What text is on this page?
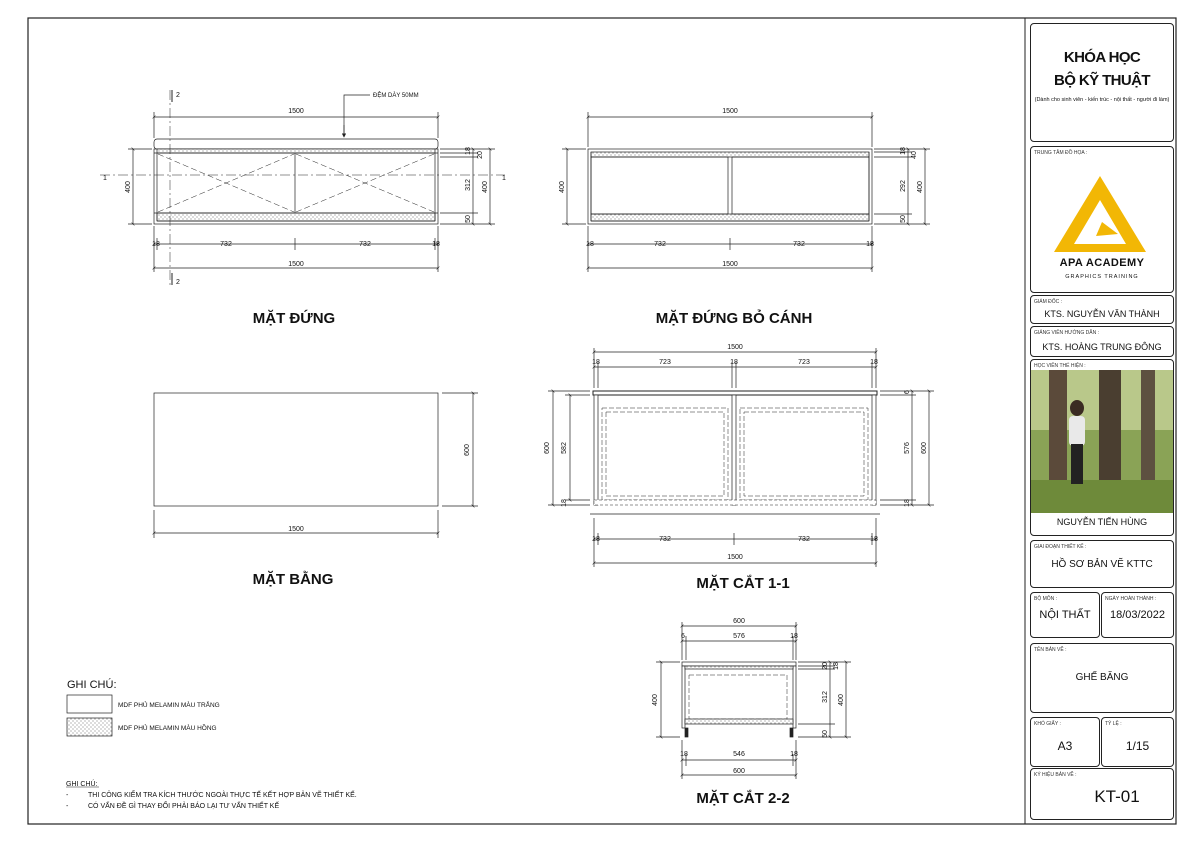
MẶT ĐỨNG	MẶT ĐỨNG BỎ CÁNH
MẶT BẰNG	MẶT CẮT 1-1
MẶT CẮT 2-2
ĐỆM DÀY 50MM
1	1
2
2
1500
18	732	732	18
1500
400
18
20
312
50
400
1500
18	732	732	18
1500
400
18
40
292
50
400
1500
600
1500
18	723	18	723	18
18	732	732	18
1500
600 582
18
6
576
18
600
600
6	576	18
18	546	18
600
400
20 18
312
50
400
GHI CHÚ:
MDF PHỦ MELAMIN MÀU TRẮNG
MDF PHỦ MELAMIN MÀU HỒNG
GHI CHÚ:
-	THI CÔNG KIỂM TRA KÍCH THƯỚC NGOÀI THỰC TẾ KẾT HỢP BẢN VẼ THIẾT KẾ.
-	CÓ VẤN ĐỀ GÌ THAY ĐỔI PHẢI BÁO LẠI TƯ VẤN THIẾT KẾ
KHÓA HỌC
BỘ KỸ THUẬT
(Dành cho sinh viên - kiến trúc - nội thất - người đi làm)
TRUNG TÂM ĐỒ HỌA :
APA ACADEMY
GRAPHICS TRAINING
GIÁM ĐỐC :
KTS. NGUYỄN VĂN THÀNH
GIẢNG VIÊN HƯỚNG DẪN :
KTS. HOÀNG TRUNG ĐÔNG
HỌC VIÊN THỂ HIỆN :
NGUYỄN TIẾN HÙNG
GIAI ĐOẠN THIẾT KẾ :
HỒ SƠ BẢN VẼ KTTC
BỘ MÔN :
NỘI THẤT
NGÀY HOÀN THÀNH :
18/03/2022
TÊN BẢN VẼ :
GHẾ BĂNG
KHỔ GIẤY :
A3
TỶ LỆ :
1/15
KÝ HIỆU BẢN VẼ :
KT-01
